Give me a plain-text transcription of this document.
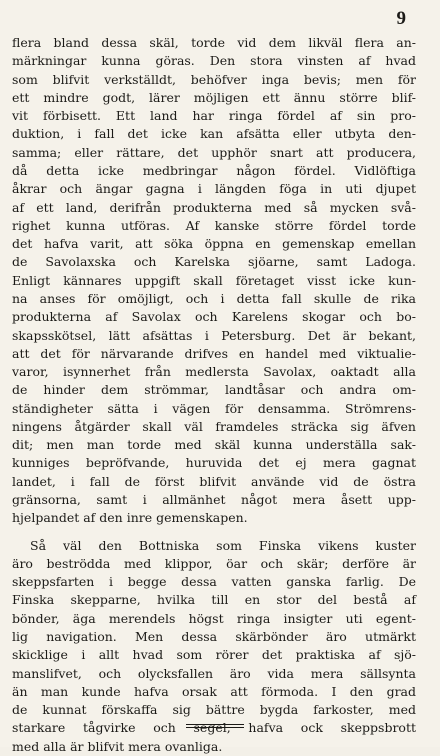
9
flera bland dessa skäl, torde vid dem likväl flera an-
märkningar kunna göras. Den stora vinsten af hvad
som blifvit verkställdt, behöfver inga bevis; men för
ett mindre godt, lärer möjligen ett ännu större blif-
vit förbisett. Ett land har ringa fördel af sin pro-
duktion, i fall det icke kan afsätta eller utbyta den-
samma; eller rättare, det upphör snart att producera,
då detta icke medbringar någon fördel. Vidlöftiga
åkrar och ängar gagna i längden föga in uti djupet
af ett land, derifrån produkterna med så mycken svå-
righet kunna utföras. Af kanske större fördel torde
det hafva varit, att söka öppna en gemenskap emellan
de Savolaxska och Karelska sjöarne, samt Ladoga.
Enligt kännares uppgift skall företaget visst icke kun-
na anses för omöjligt, och i detta fall skulle de rika
produkterna af Savolax och Karelens skogar och bo-
skapsskötsel, lätt afsättas i Petersburg. Det är bekant,
att det för närvarande drifves en handel med viktualie-
varor, isynnerhet från medlersta Savolax, oaktadt alla
de hinder dem strömmar, landtåsar och andra om-
ständigheter sätta i vägen för densamma. Strömrens-
ningens åtgärder skall väl framdeles sträcka sig äfven
dit; men man torde med skäl kunna underställa sak-
kunniges bepröfvande, huruvida det ej mera gagnat
landet, i fall de först blifvit använde vid de östra
gränsorna, samt i allmänhet något mera åsett upp-
hjelpandet af den inre gemenskapen.
Så väl den Bottniska som Finska vikens kuster
äro beströdda med klippor, öar och skär; derföre är
skeppsfarten i begge dessa vatten ganska farlig. De
Finska skepparne, hvilka till en stor del bestå af
bönder, äga merendels högst ringa insigter uti egent-
lig navigation. Men dessa skärbönder äro utmärkt
skicklige i allt hvad som rörer det praktiska af sjö-
manslifvet, och olycksfallen äro vida mera sällsynta
än man kunde hafva orsak att förmoda. I den grad
de kunnat förskaffa sig bättre bygda farkoster, med
starkare tågvirke och segel, hafva ock skeppsbrott
med alla är blifvit mera ovanliga.
